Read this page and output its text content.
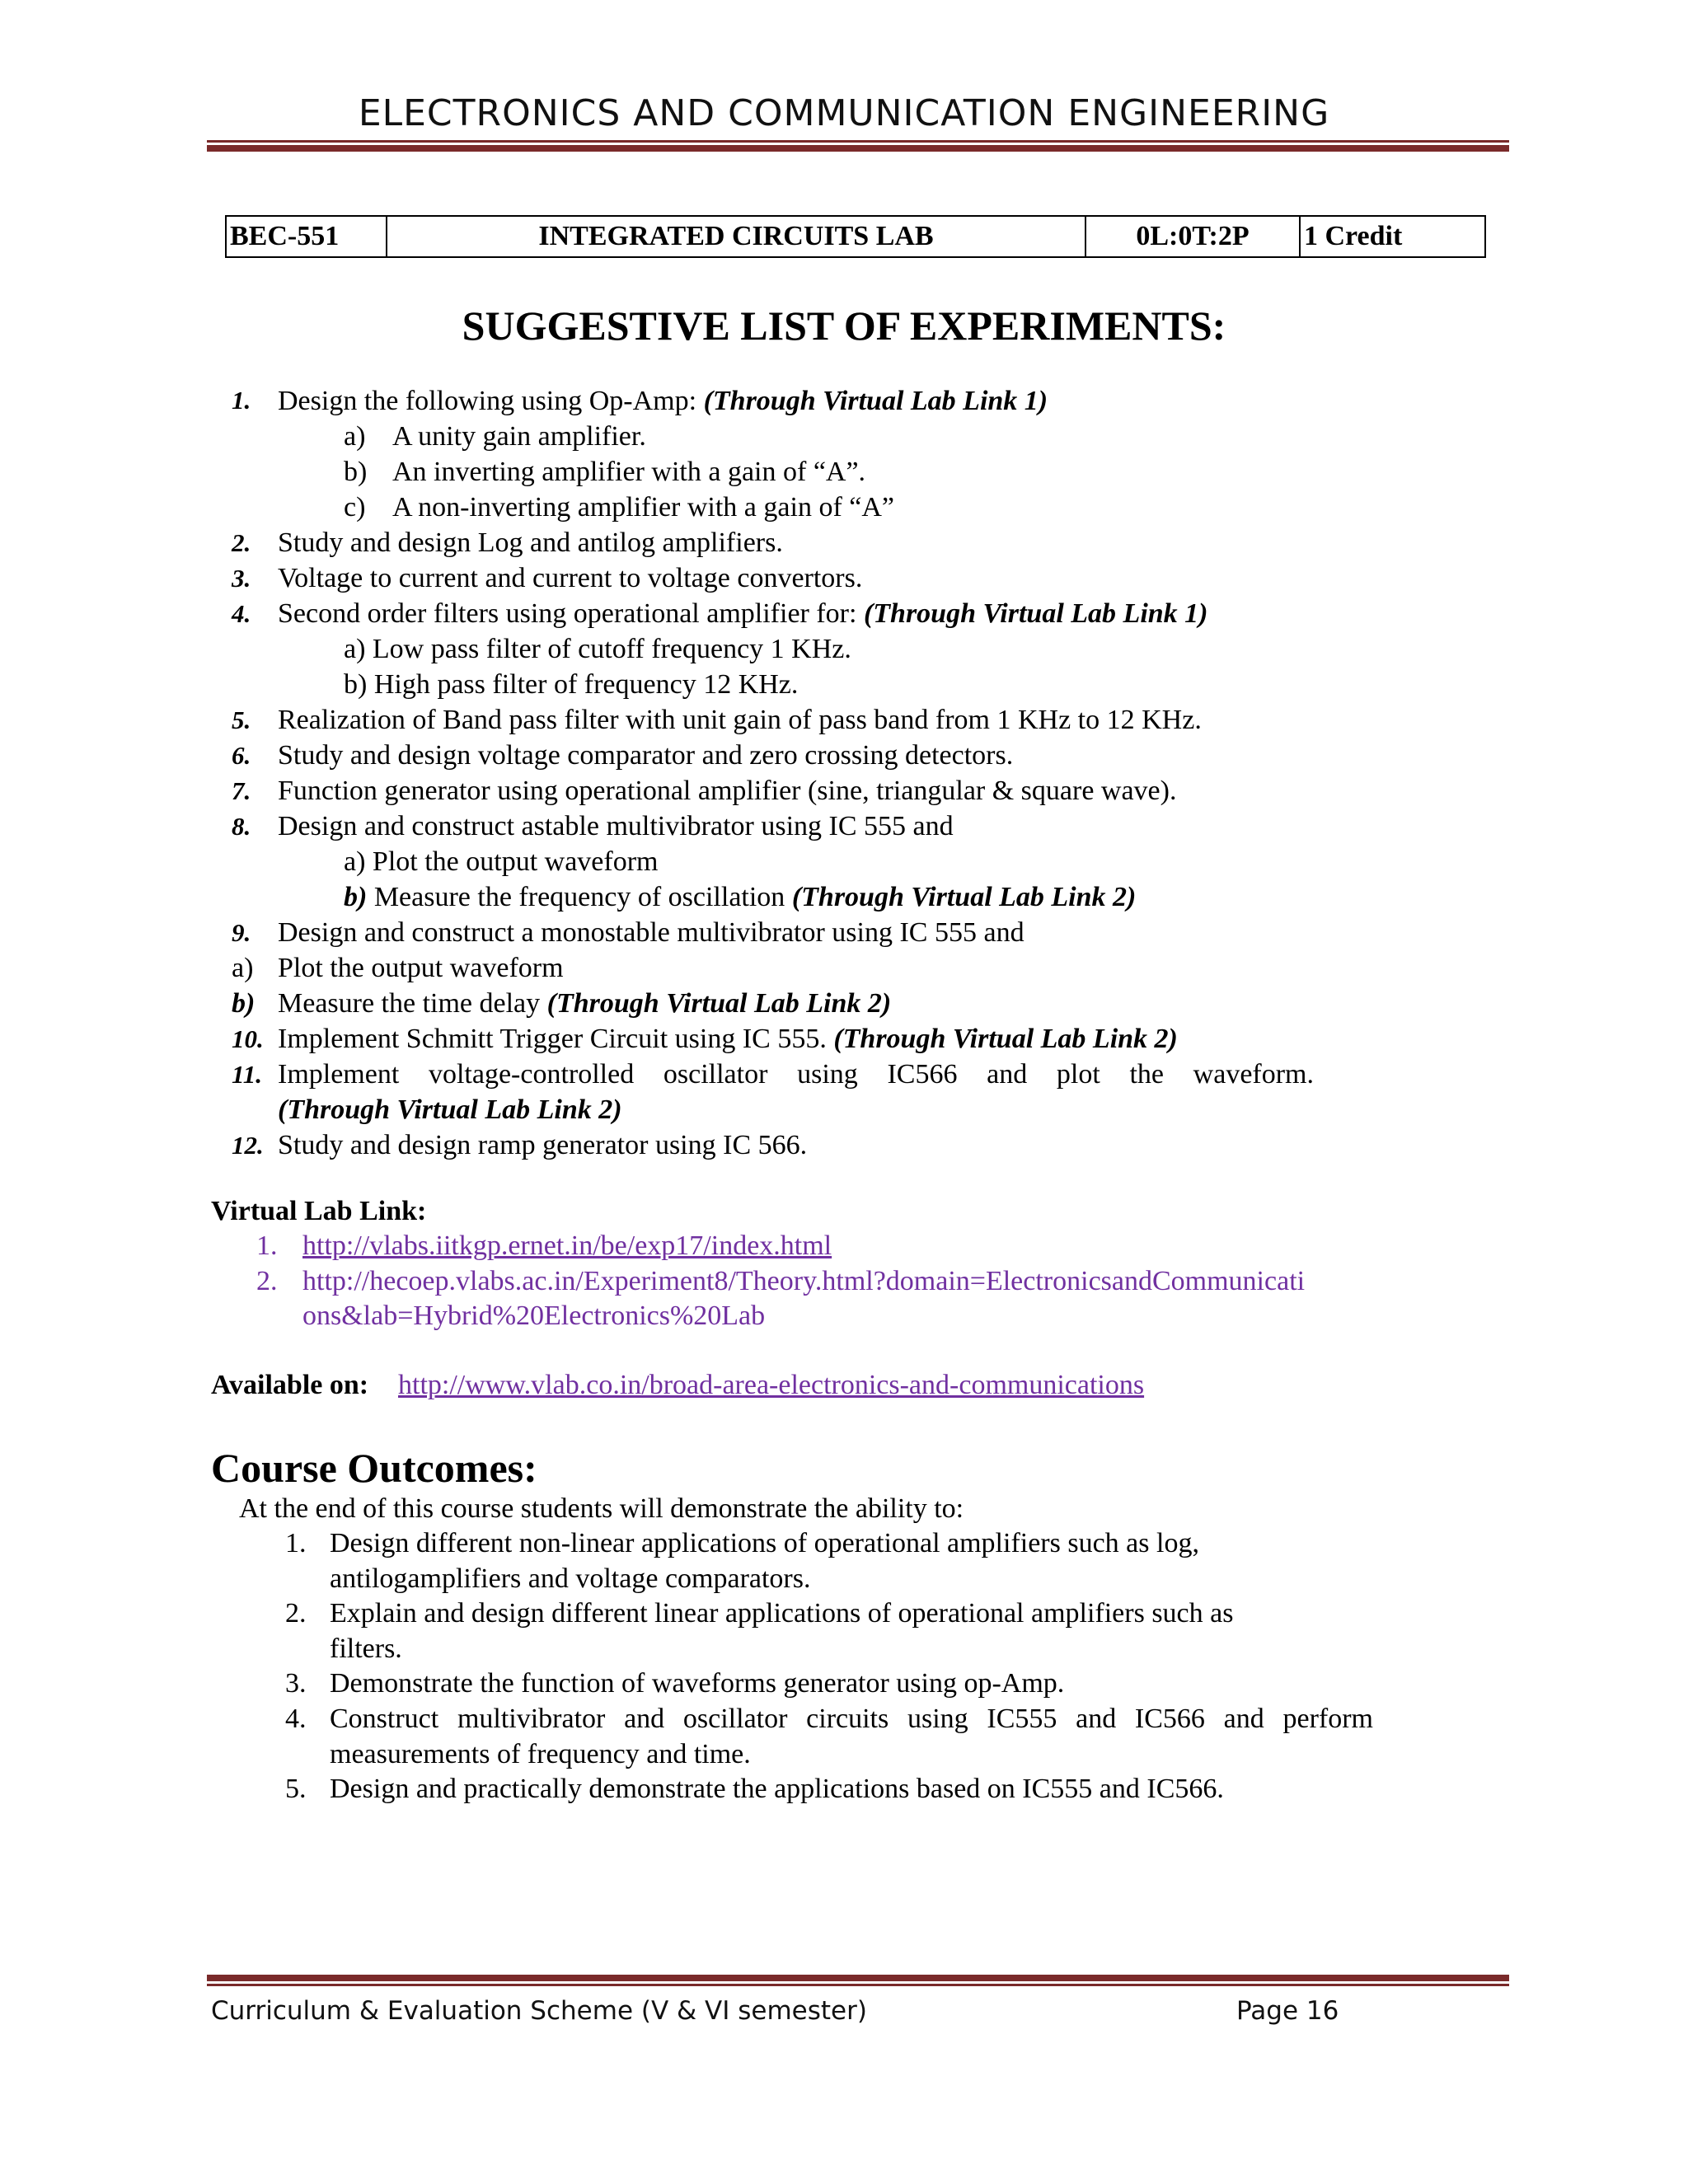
ELECTRONICS AND COMMUNICATION ENGINEERING
BEC-551	INTEGRATED CIRCUITS LAB	0L:0T:2P	1 Credit
SUGGESTIVE LIST OF EXPERIMENTS:
1. Design the following using Op-Amp: (Through Virtual Lab Link 1)
a) A unity gain amplifier.
b) An inverting amplifier with a gain of “A”.
c) A non-inverting amplifier with a gain of “A”
2. Study and design Log and antilog amplifiers.
3. Voltage to current and current to voltage convertors.
4. Second order filters using operational amplifier for: (Through Virtual Lab Link 1)
a) Low pass filter of cutoff frequency 1 KHz.
b) High pass filter of frequency 12 KHz.
5. Realization of Band pass filter with unit gain of pass band from 1 KHz to 12 KHz.
6. Study and design voltage comparator and zero crossing detectors.
7. Function generator using operational amplifier (sine, triangular & square wave).
8. Design and construct astable multivibrator using IC 555 and
a) Plot the output waveform
b) Measure the frequency of oscillation (Through Virtual Lab Link 2)
9. Design and construct a monostable multivibrator using IC 555 and
a) Plot the output waveform
b) Measure the time delay (Through Virtual Lab Link 2)
10. Implement Schmitt Trigger Circuit using IC 555. (Through Virtual Lab Link 2)
11. Implement voltage-controlled oscillator using IC566 and plot the waveform.
(Through Virtual Lab Link 2)
12. Study and design ramp generator using IC 566.
Virtual Lab Link:
1. http://vlabs.iitkgp.ernet.in/be/exp17/index.html
2. http://hecoep.vlabs.ac.in/Experiment8/Theory.html?domain=ElectronicsandCommunicati
ons&lab=Hybrid%20Electronics%20Lab
Available on: http://www.vlab.co.in/broad-area-electronics-and-communications
Course Outcomes:
At the end of this course students will demonstrate the ability to:
1. Design different non-linear applications of operational amplifiers such as log,
antilogamplifiers and voltage comparators.
2. Explain and design different linear applications of operational amplifiers such as
filters.
3. Demonstrate the function of waveforms generator using op-Amp.
4. Construct multivibrator and oscillator circuits using IC555 and IC566 and perform
measurements of frequency and time.
5. Design and practically demonstrate the applications based on IC555 and IC566.
Curriculum & Evaluation Scheme (V & VI semester)	Page 16
